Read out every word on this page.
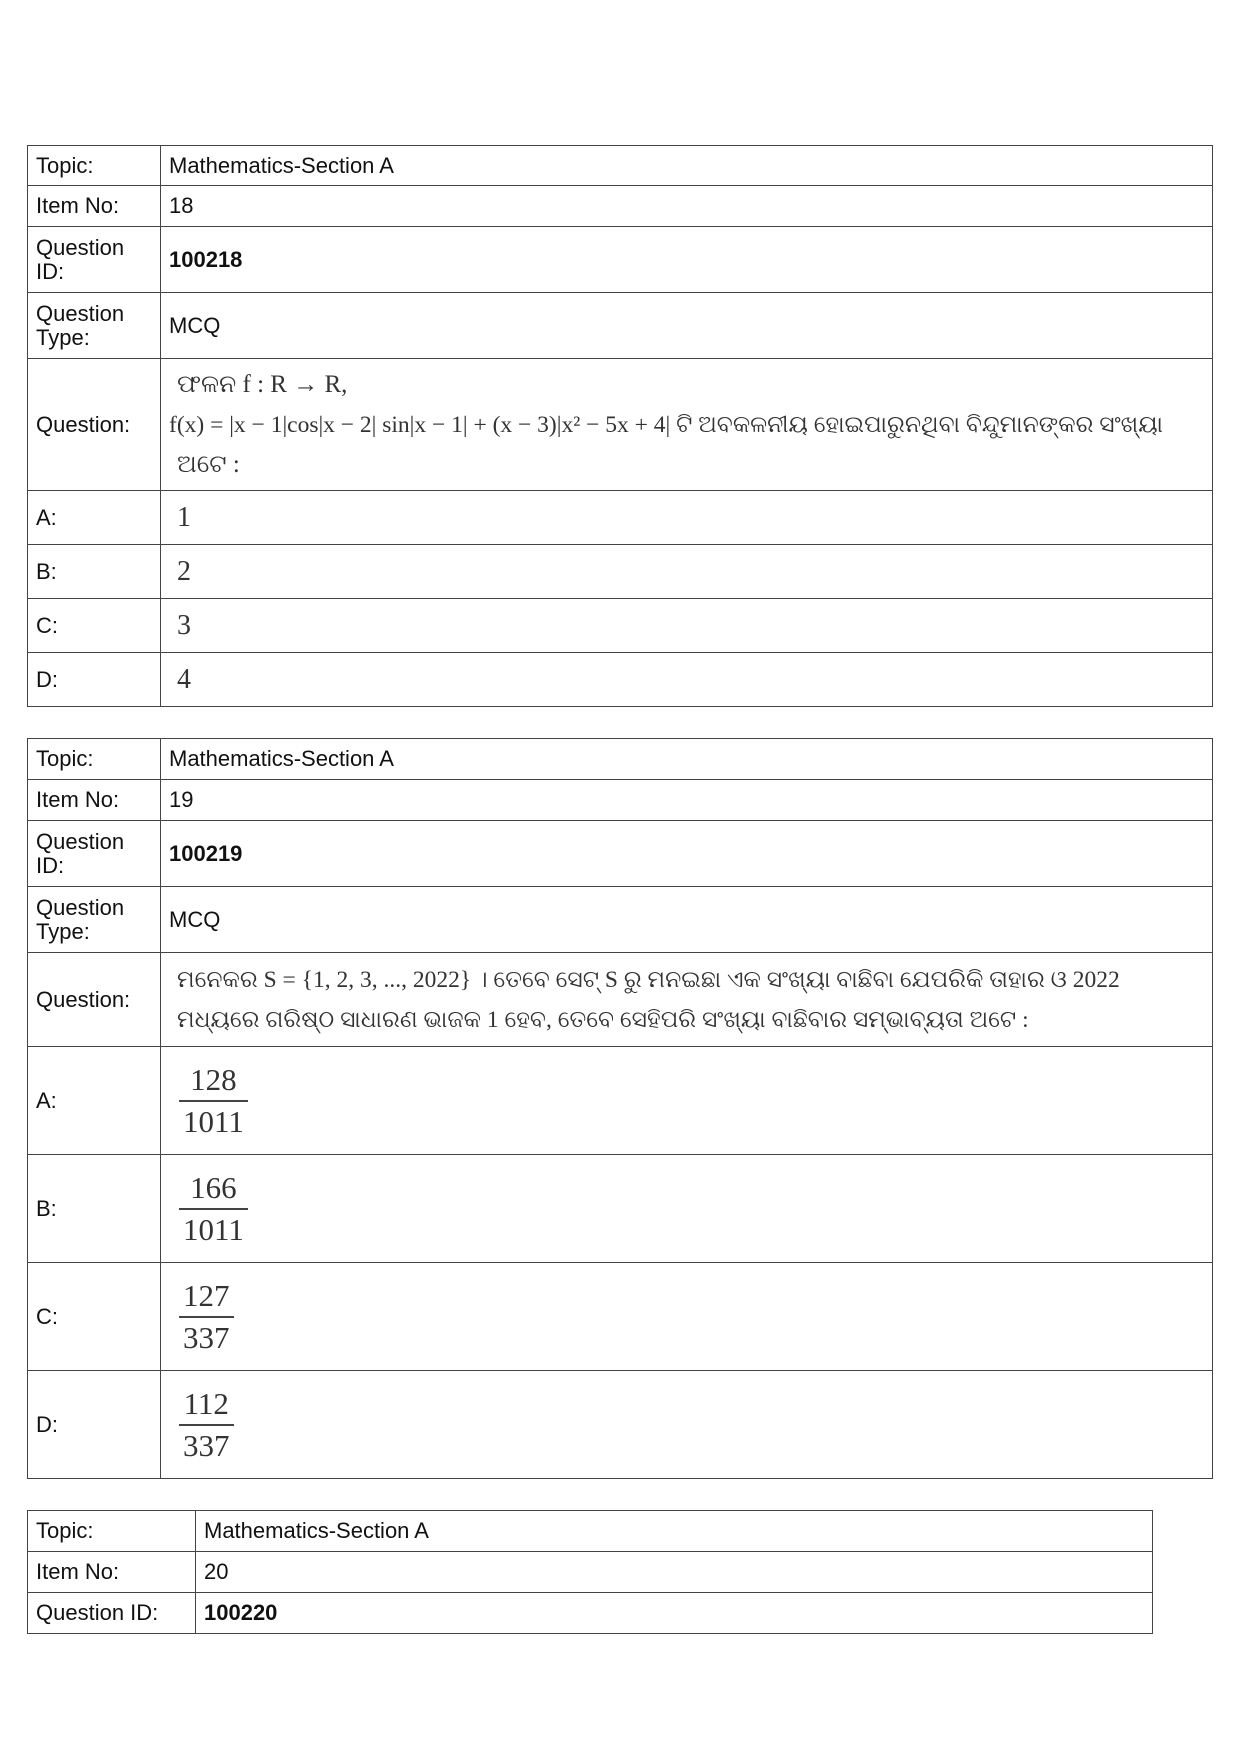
Topic:	Mathematics-Section A
Item No:	18
Question ID:	100218
Question Type:	MCQ
Question:	ଫଳନ f : R → R,
f(x) = |x − 1|cos|x − 2| sin|x − 1| + (x − 3)|x² − 5x + 4| ଟି ଅବକଳନୀୟ ହୋଇପାରୁନଥିବା ବିନ୍ଦୁମାନଙ୍କର ସଂଖ୍ୟା
ଅଟେ :

A:	1
B:	2
C:	3
D:	4
Topic:	Mathematics-Section A
Item No:	19
Question ID:	100219
Question Type:	MCQ
Question:	ମନେକର S = {1, 2, 3, ..., 2022} । ତେବେ ସେଟ୍ S ରୁ ମନଇଛା ଏକ ସଂଖ୍ୟା ବାଛିବା ଯେପରିକି ତାହାର ଓ 2022
ମଧ୍ୟରେ ଗରିଷ୍ଠ ସାଧାରଣ ଭାଜକ 1 ହେବ, ତେବେ ସେହିପରି ସଂଖ୍ୟା ବାଛିବାର ସମ୍ଭାବ୍ୟତା ଅଟେ :

A:	$\frac{128}{1011}$

B:	$\frac{166}{1011}$

C:	$\frac{127}{337}$

D:	$\frac{112}{337}$
Topic:	Mathematics-Section A
Item No:	20
Question ID:	100220
